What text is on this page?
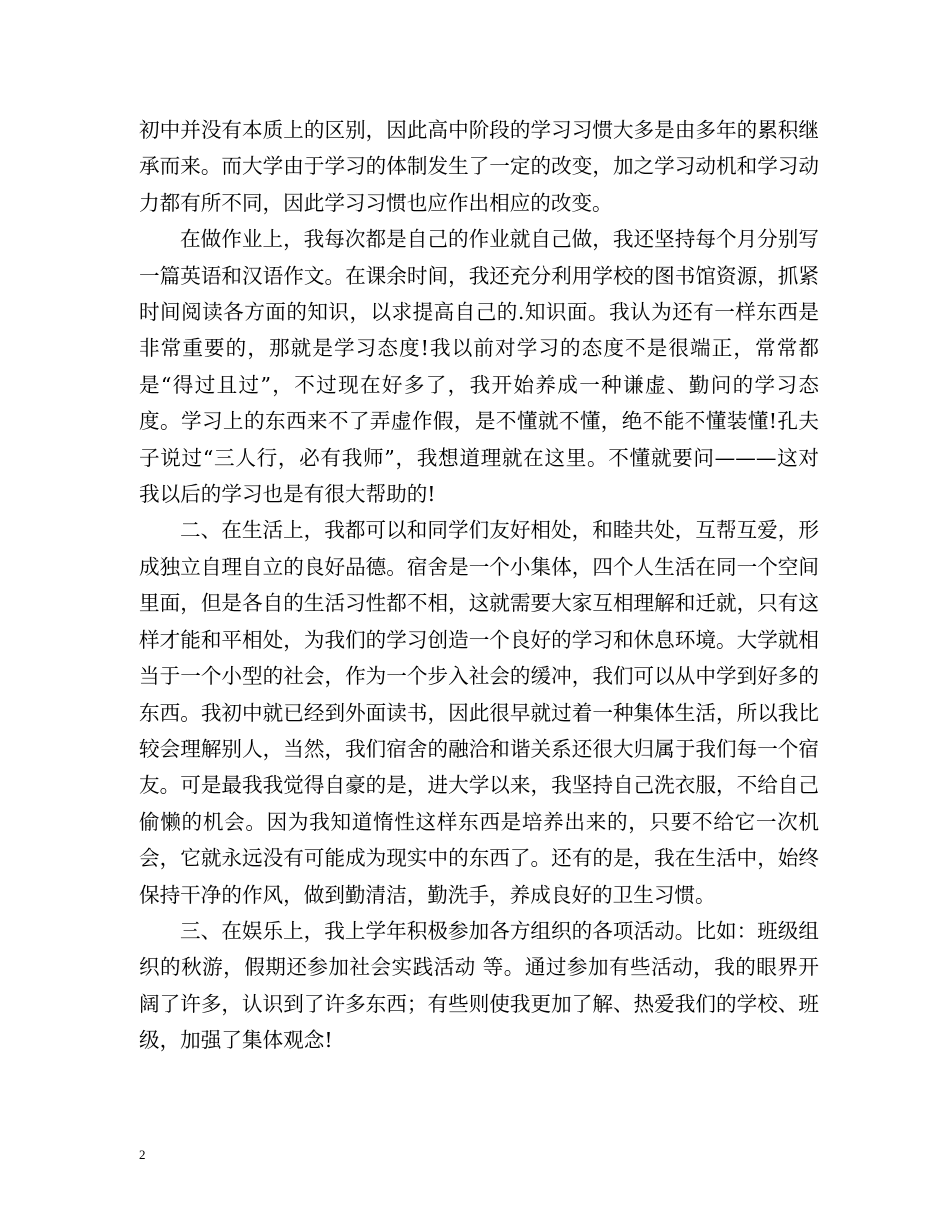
初中并没有本质上的区别，因此高中阶段的学习习惯大多是由多年的累积继承而来。而大学由于学习的体制发生了一定的改变，加之学习动机和学习动力都有所不同，因此学习习惯也应作出相应的改变。

在做作业上，我每次都是自己的作业就自己做，我还坚持每个月分别写一篇英语和汉语作文。在课余时间，我还充分利用学校的图书馆资源，抓紧时间阅读各方面的知识，以求提高自己的.知识面。我认为还有一样东西是非常重要的，那就是学习态度!我以前对学习的态度不是很端正，常常都是“得过且过”，不过现在好多了，我开始养成一种谦虚、勤问的学习态度。学习上的东西来不了弄虚作假，是不懂就不懂，绝不能不懂装懂!孔夫子说过“三人行，必有我师”，我想道理就在这里。不懂就要问———这对我以后的学习也是有很大帮助的!

二、在生活上，我都可以和同学们友好相处，和睦共处，互帮互爱，形成独立自理自立的良好品德。宿舍是一个小集体，四个人生活在同一个空间里面，但是各自的生活习性都不相，这就需要大家互相理解和迁就，只有这样才能和平相处，为我们的学习创造一个良好的学习和休息环境。大学就相当于一个小型的社会，作为一个步入社会的缓冲，我们可以从中学到好多的东西。我初中就已经到外面读书，因此很早就过着一种集体生活，所以我比较会理解别人，当然，我们宿舍的融洽和谐关系还很大归属于我们每一个宿友。可是最我我觉得自豪的是，进大学以来，我坚持自己洗衣服，不给自己偷懒的机会。因为我知道惰性这样东西是培养出来的，只要不给它一次机会，它就永远没有可能成为现实中的东西了。还有的是，我在生活中，始终保持干净的作风，做到勤清洁，勤洗手，养成良好的卫生习惯。

三、在娱乐上，我上学年积极参加各方组织的各项活动。比如：班级组织的秋游，假期还参加社会实践活动 等。通过参加有些活动，我的眼界开阔了许多，认识到了许多东西；有些则使我更加了解、热爱我们的学校、班级，加强了集体观念!

2
